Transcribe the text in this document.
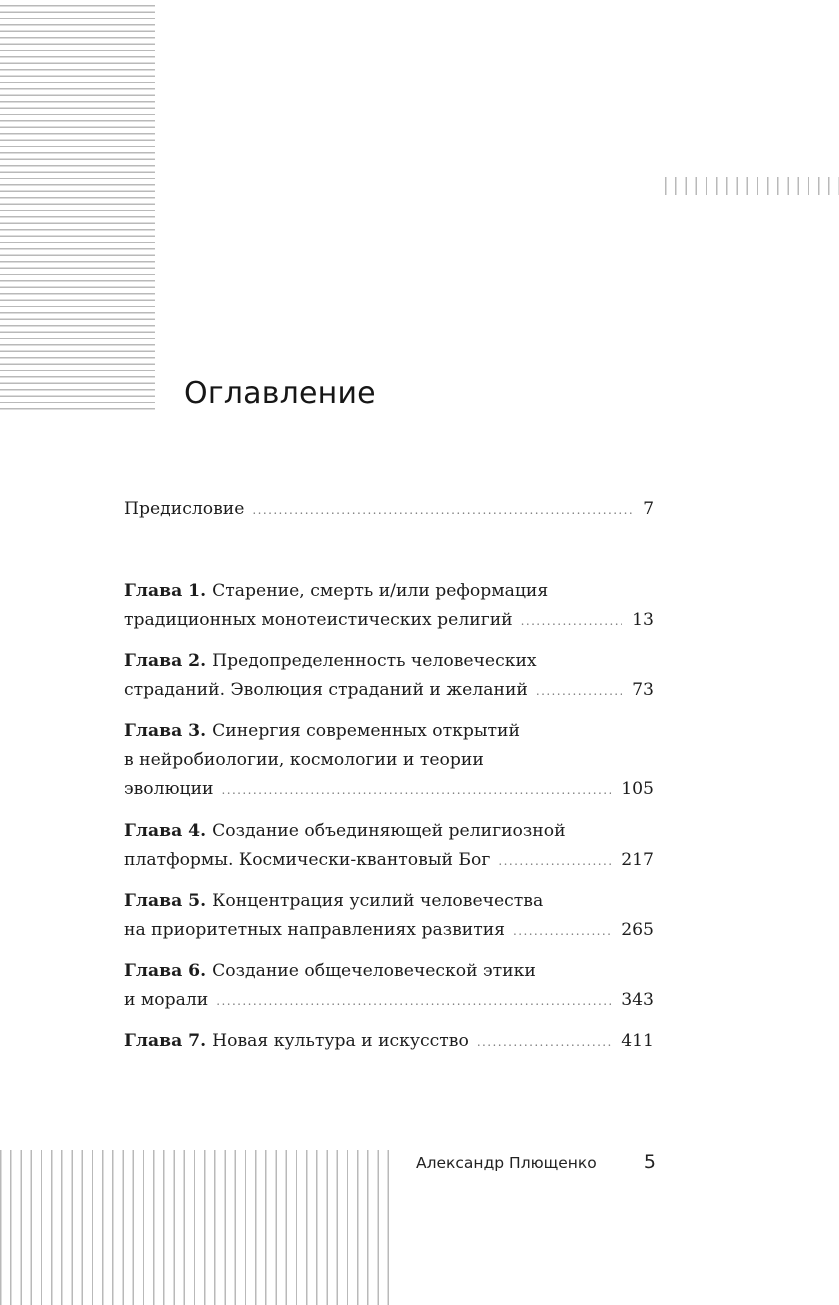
Оглавление
Предисловие . . .	7
Глава 1. Старение, смерть и/или реформация
традиционных монотеистических религий . . .	13
Глава 2. Предопределенность человеческих
страданий. Эволюция страданий и желаний . . .	73
Глава 3. Синергия современных открытий
в нейробиологии, космологии и теории
эволюции . . .	105
Глава 4. Создание объединяющей религиозной
платформы. Космически-квантовый Бог . . .	217
Глава 5. Концентрация усилий человечества
на приоритетных направлениях развития . . .	265
Глава 6. Создание общечеловеческой этики
и морали . . .	343
Глава 7. Новая культура и искусство . . .	411
Александр Плющенко 5
